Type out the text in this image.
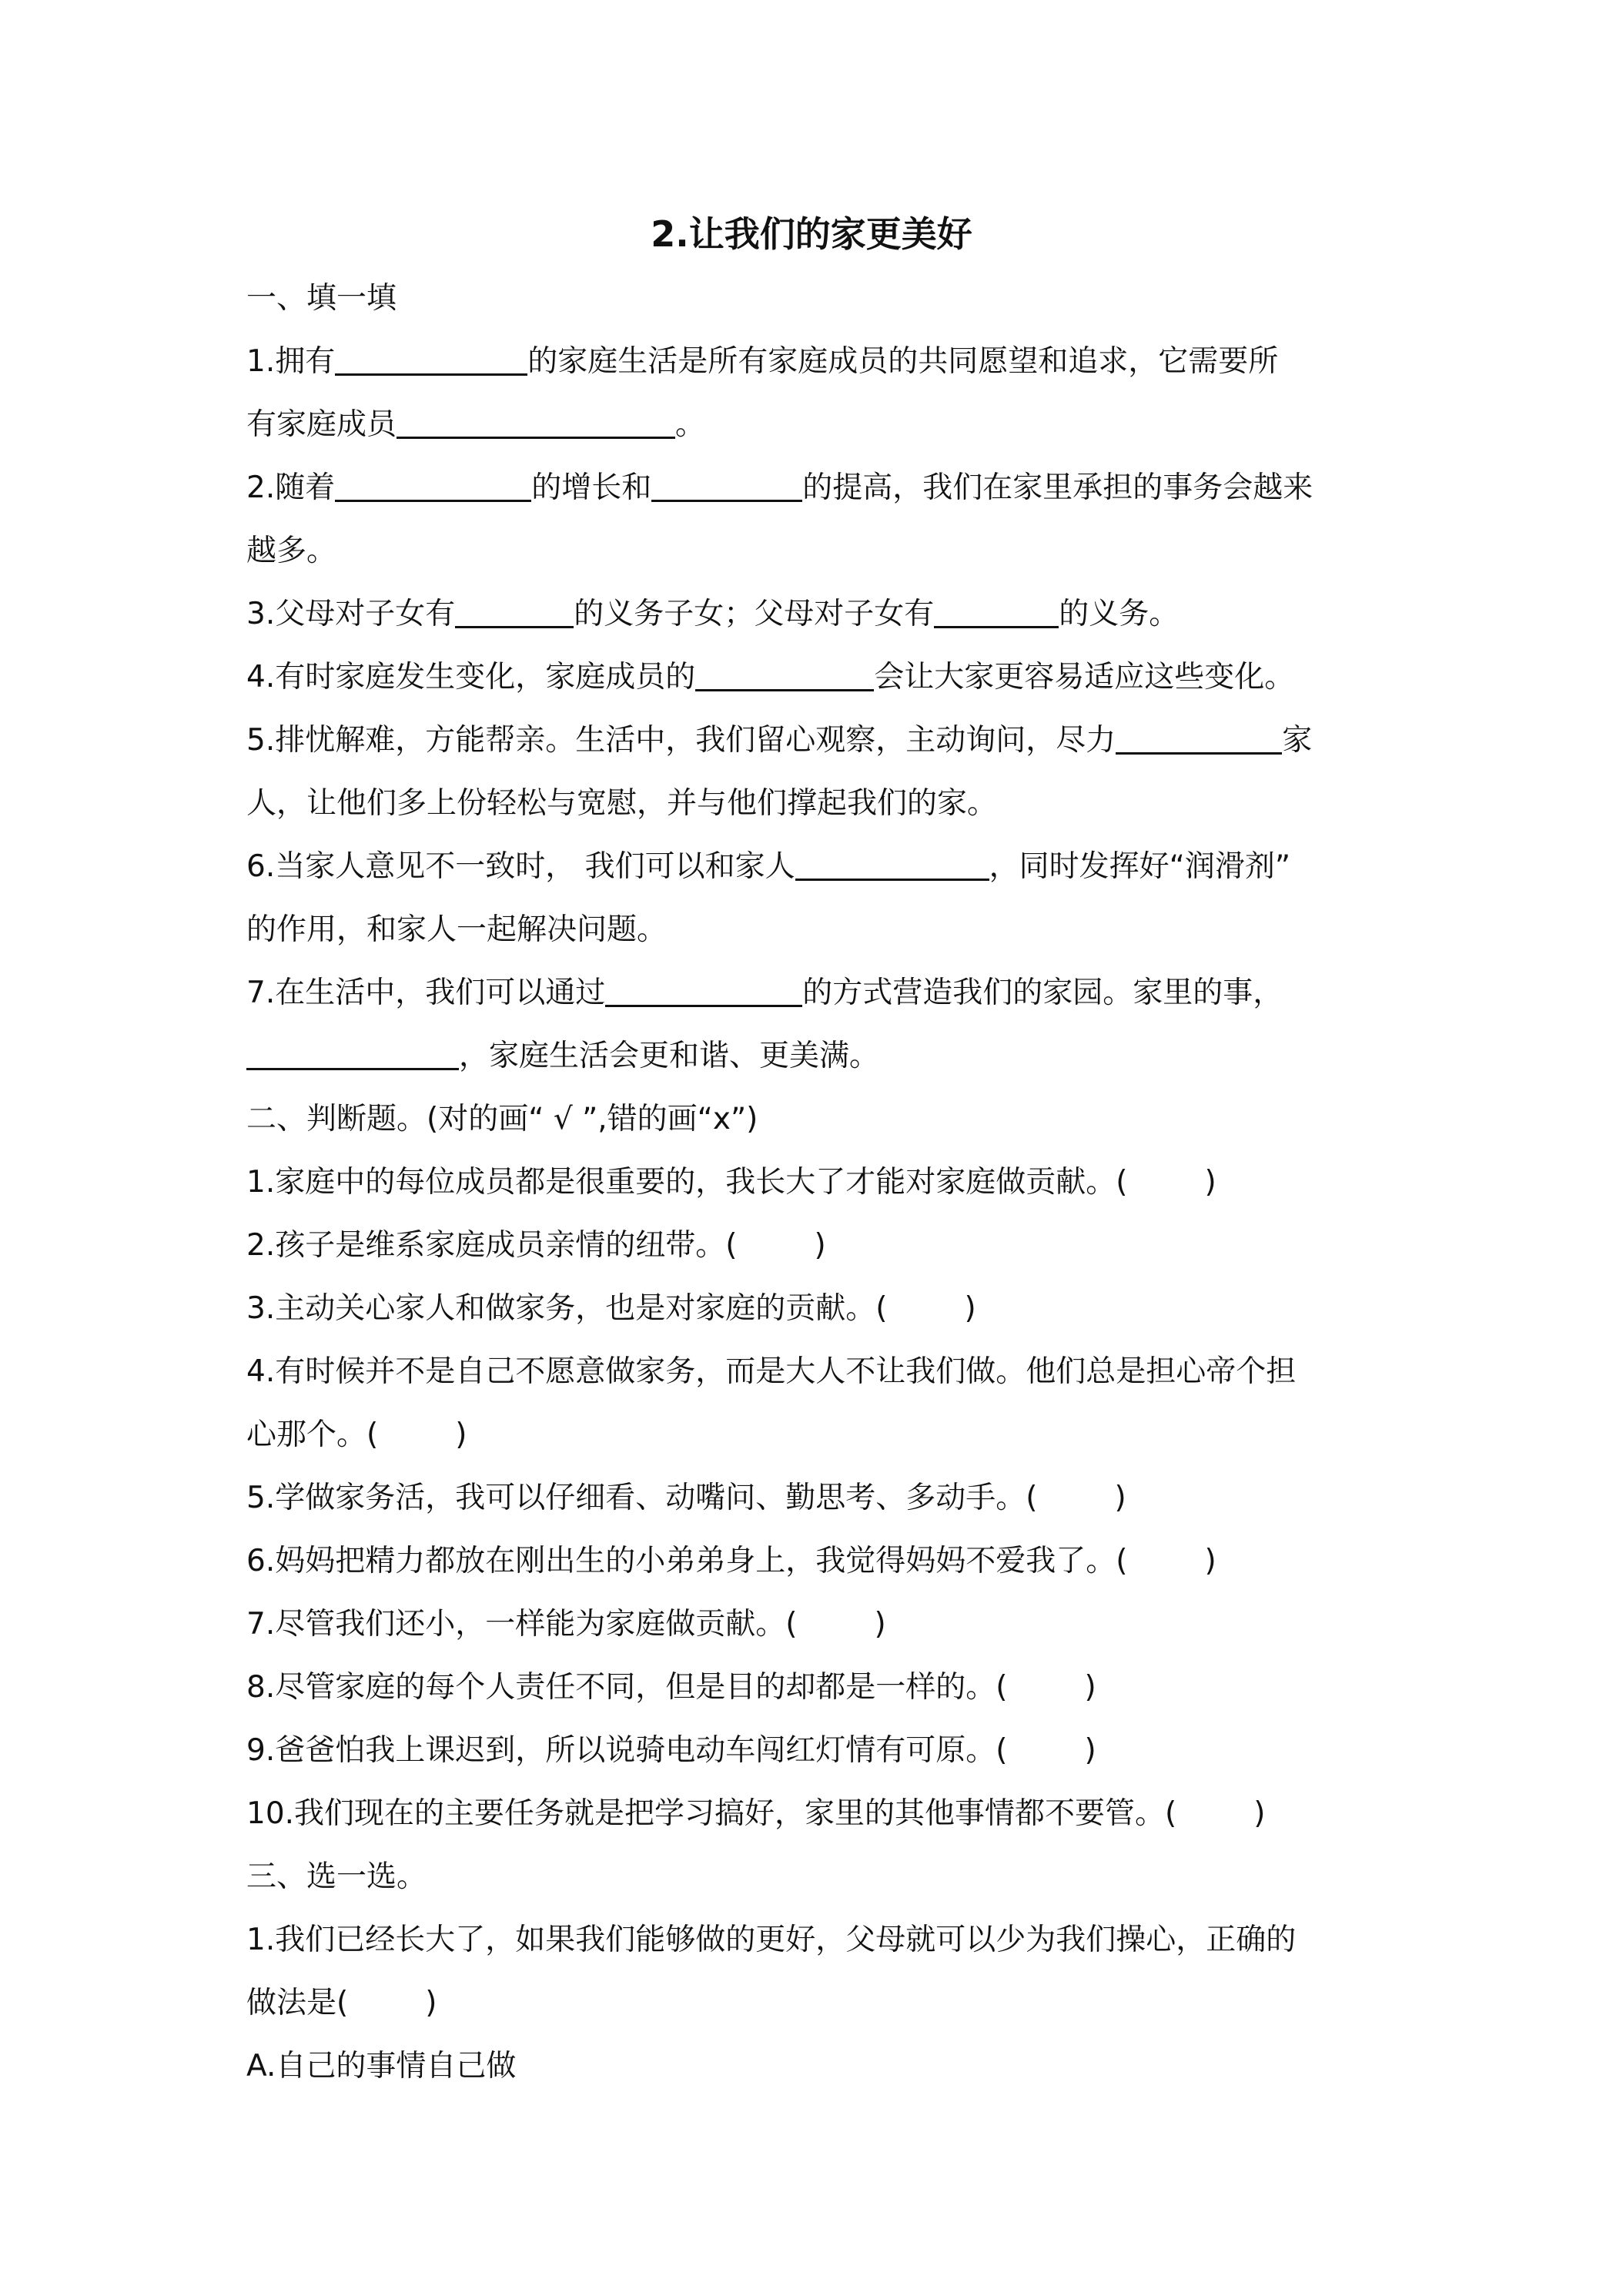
2.让我们的家更美好
一、填一填
1.拥有	的家庭生活是所有家庭成员的共同愿望和追求，它需要所
有家庭成员	。
2.随着	的增长和	的提高，我们在家里承担的事务会越来
越多。
3.父母对子女有	的义务子女；父母对子女有	的义务。
4.有时家庭发生变化，家庭成员的	会让大家更容易适应这些变化。
5.排忧解难，方能帮亲。生活中，我们留心观察，主动询问，尽力	家
人，让他们多上份轻松与宽慰，并与他们撑起我们的家。
6.当家人意见不一致时， 我们可以和家人	，同时发挥好“润滑剂”
的作用，和家人一起解决问题。
7.在生活中，我们可以通过	的方式营造我们的家园。家里的事，
，家庭生活会更和谐、更美满。
二、判断题。(对的画“ √ ”,错的画“x”)
1.家庭中的每位成员都是很重要的，我长大了才能对家庭做贡献。(	)
2.孩子是维系家庭成员亲情的纽带。(	)
3.主动关心家人和做家务，也是对家庭的贡献。(	)
4.有时候并不是自己不愿意做家务，而是大人不让我们做。他们总是担心帝个担
心那个。(	)
5.学做家务活，我可以仔细看、动嘴问、勤思考、多动手。(	)
6.妈妈把精力都放在刚出生的小弟弟身上，我觉得妈妈不爱我了。(	)
7.尽管我们还小，一样能为家庭做贡献。(	)
8.尽管家庭的每个人责任不同，但是目的却都是一样的。(	)
9.爸爸怕我上课迟到，所以说骑电动车闯红灯情有可原。(	)
10.我们现在的主要任务就是把学习搞好，家里的其他事情都不要管。(	)
三、选一选。
1.我们已经长大了，如果我们能够做的更好，父母就可以少为我们操心，正确的
做法是(	)
A.自己的事情自己做
